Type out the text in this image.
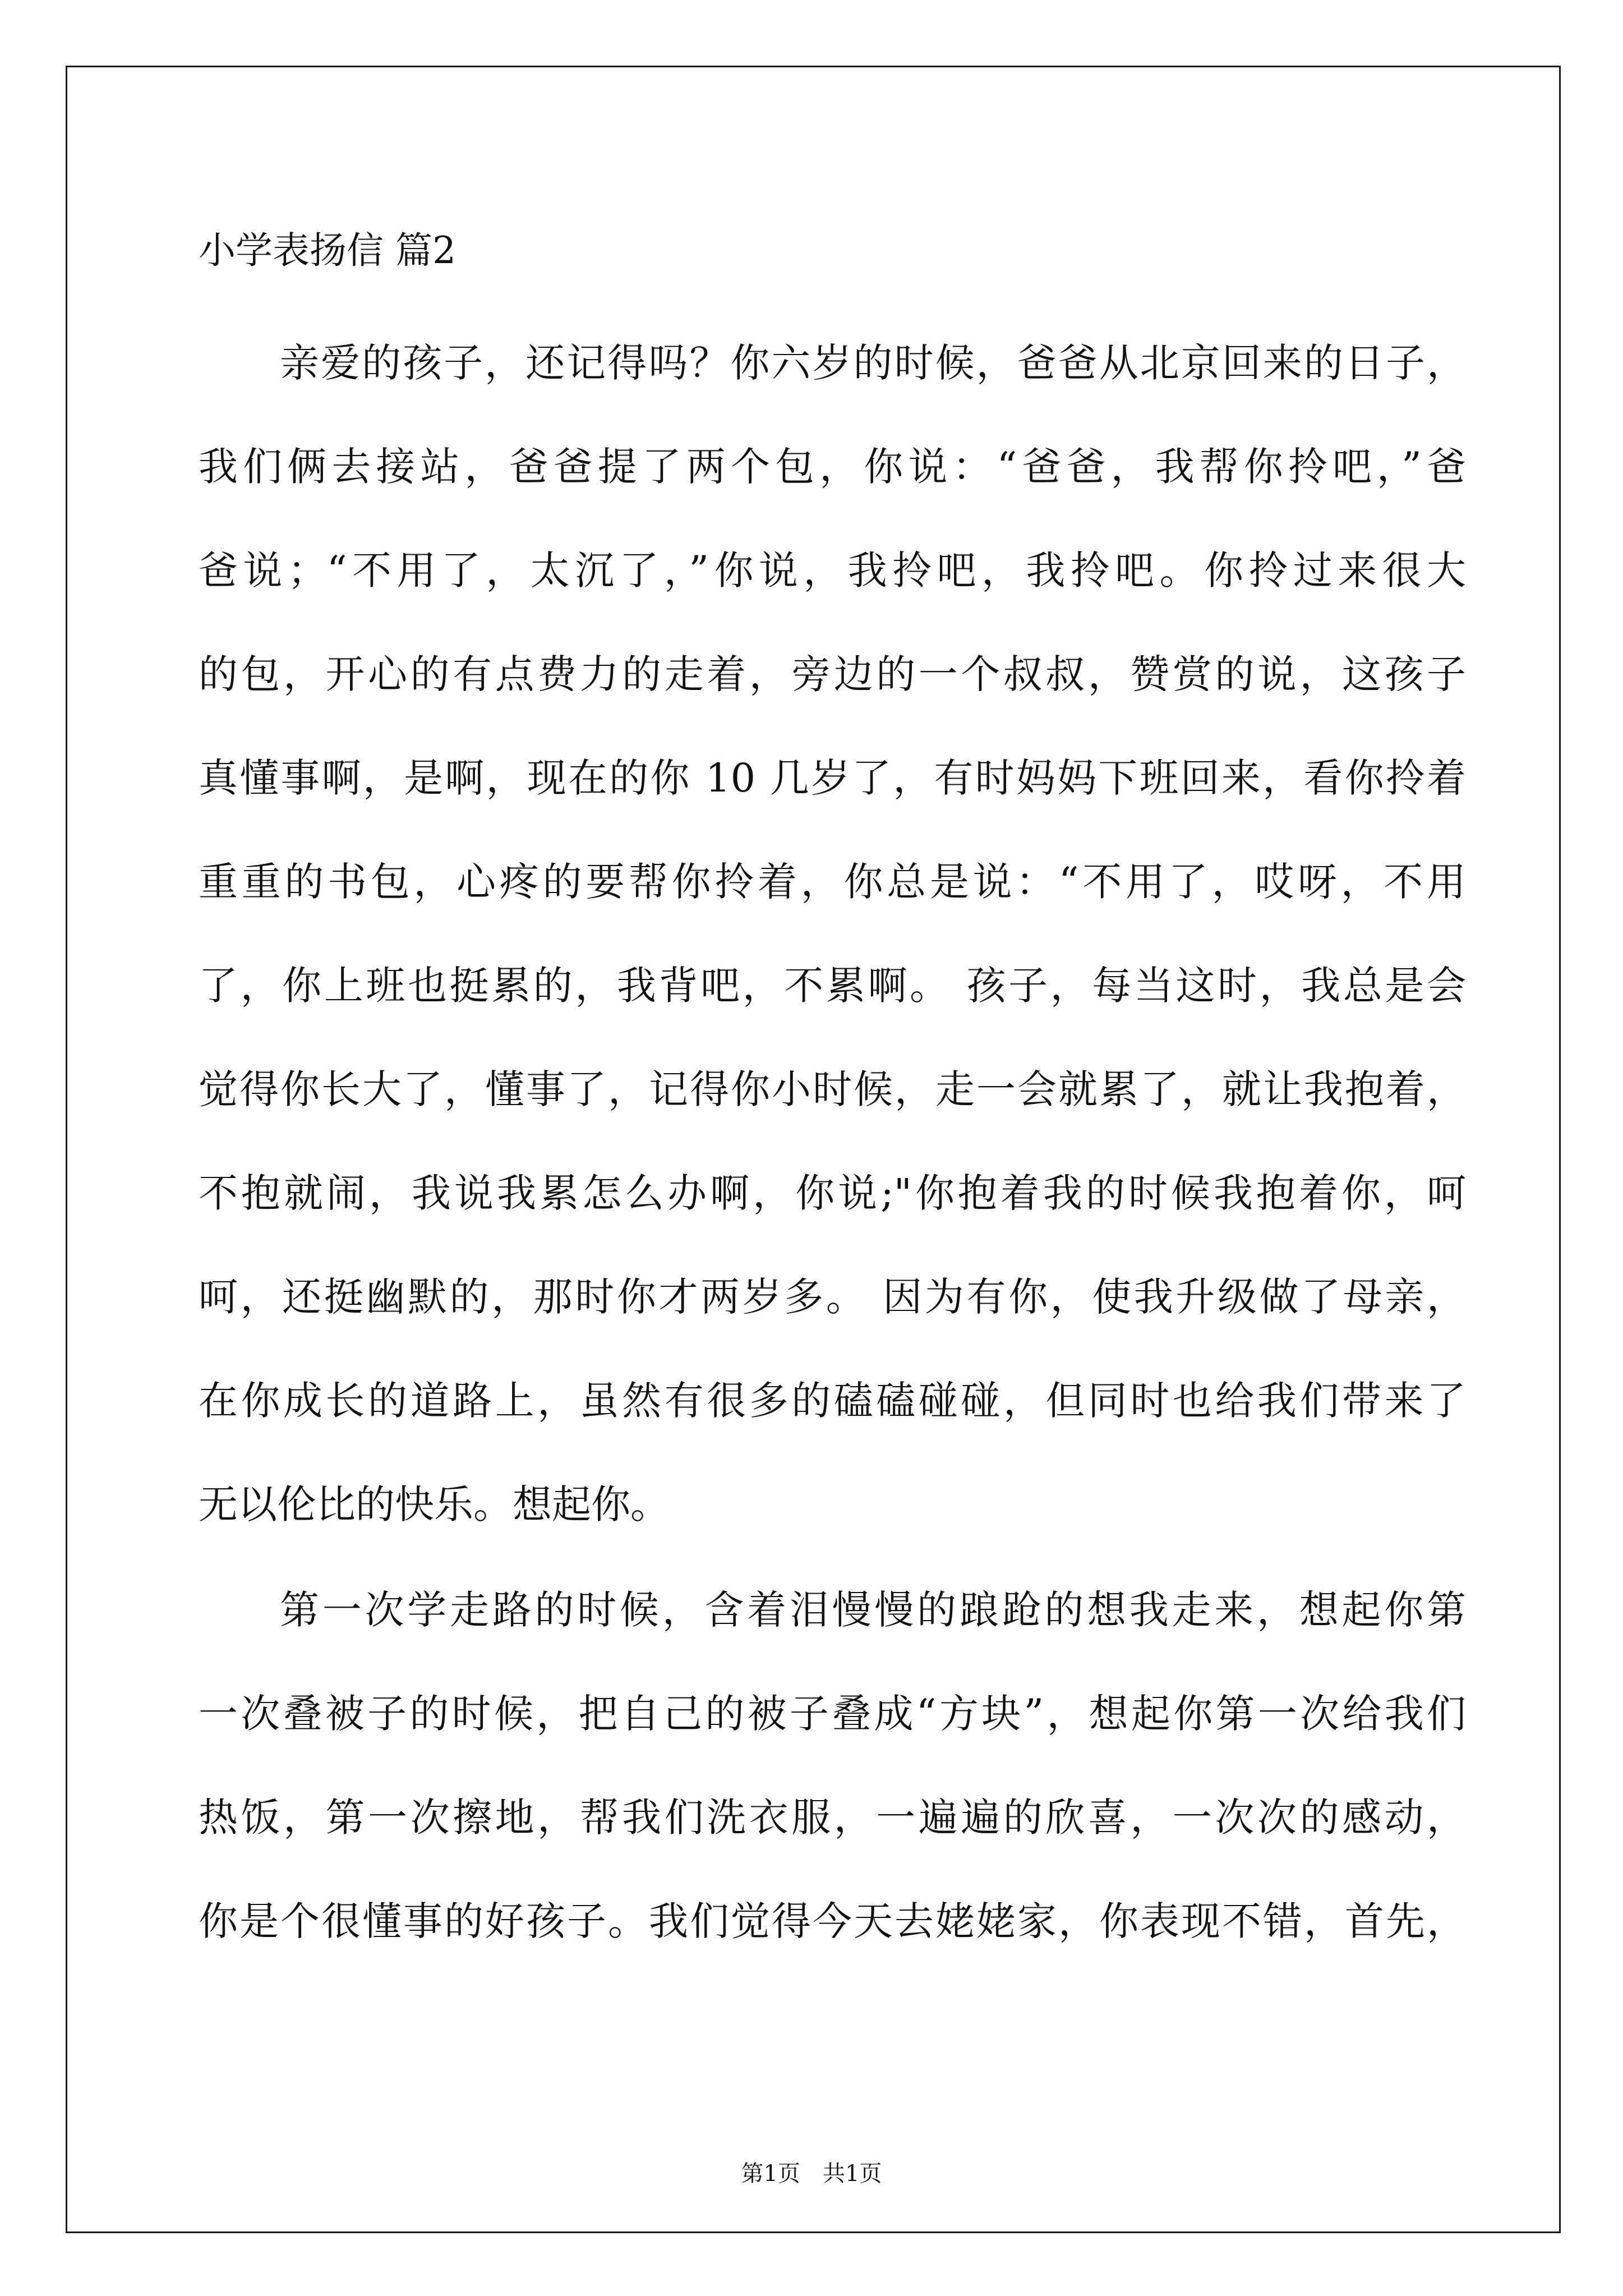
小学表扬信 篇2
亲爱的孩子，还记得吗？你六岁的时候，爸爸从北京回来的日子，
我们俩去接站，爸爸提了两个包，你说：“爸爸，我帮你拎吧，”爸
爸说；“不用了，太沉了，”你说，我拎吧，我拎吧。你拎过来很大
的包，开心的有点费力的走着，旁边的一个叔叔，赞赏的说，这孩子
真懂事啊，是啊，现在的你 10 几岁了，有时妈妈下班回来，看你拎着
重重的书包，心疼的要帮你拎着，你总是说：“不用了，哎呀，不用
了，你上班也挺累的，我背吧，不累啊。 孩子，每当这时，我总是会
觉得你长大了，懂事了，记得你小时候，走一会就累了，就让我抱着，
不抱就闹，我说我累怎么办啊，你说;"你抱着我的时候我抱着你，呵
呵，还挺幽默的，那时你才两岁多。 因为有你，使我升级做了母亲，
在你成长的道路上，虽然有很多的磕磕碰碰，但同时也给我们带来了
无以伦比的快乐。想起你。
第一次学走路的时候，含着泪慢慢的踉跄的想我走来，想起你第
一次叠被子的时候，把自己的被子叠成“方块”，想起你第一次给我们
热饭，第一次擦地，帮我们洗衣服，一遍遍的欣喜，一次次的感动，
你是个很懂事的好孩子。我们觉得今天去姥姥家，你表现不错，首先，
第1页　共1页
